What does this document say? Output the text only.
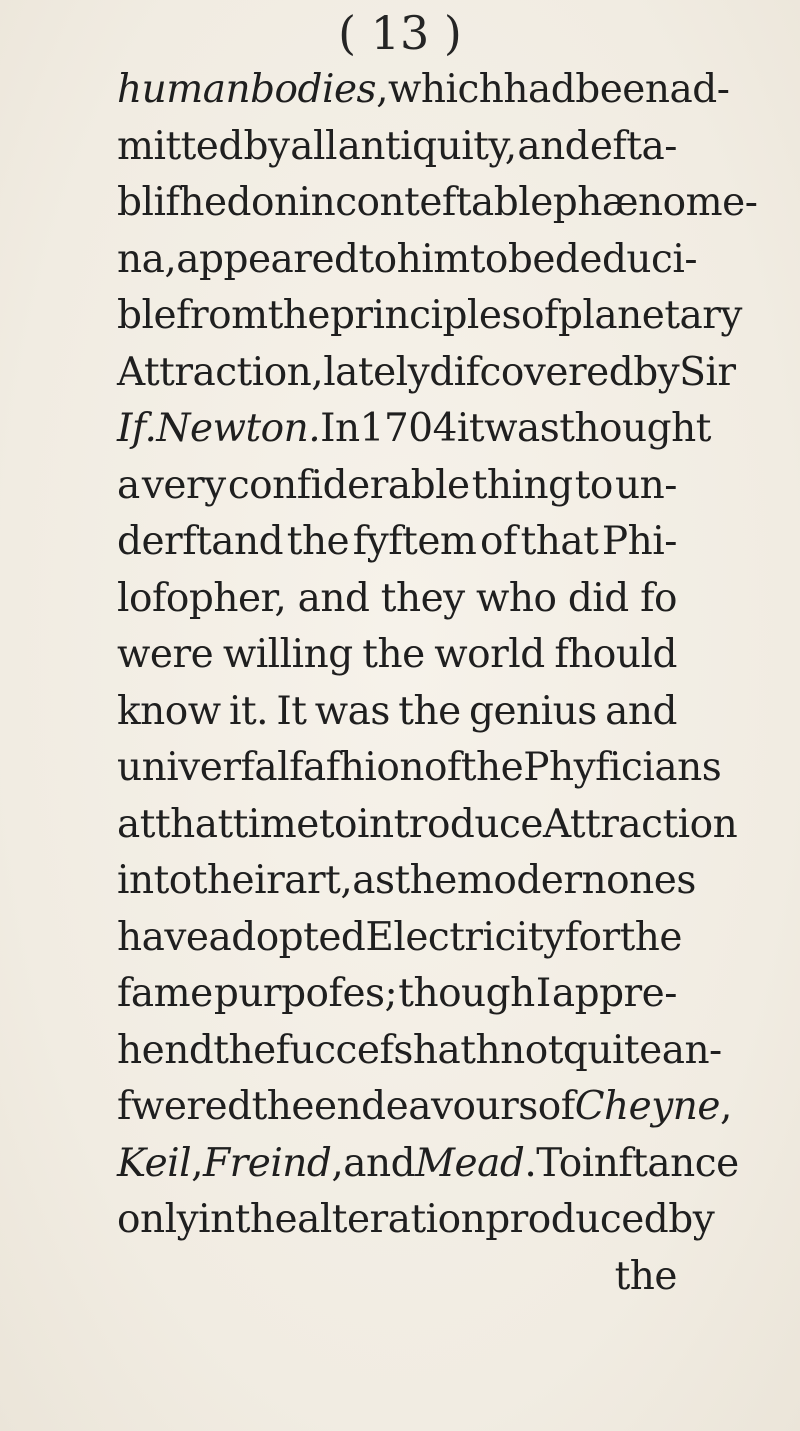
( 13 )
human bodies, which had been ad-
mitted by all antiquity, and efta-
blifhed on inconteftable phænome-
na, appeared to him to be deduci-
ble from the principles of planetary
Attraction, lately difcovered by Sir
If. Newton. In 1704 it was thought
a very confiderable thing to un-
derftand the fyftem of that Phi-
lofopher, and they who did fo
were willing the world fhould
know it. It was the genius and
univerfal fafhion of the Phyficians
at that time to introduce Attraction
into their art, as the modern ones
have adopted Electricity for the
fame purpofes; though I appre-
hend the fuccefs hath not quite an-
fwered the endeavours of Cheyne,
Keil, Freind, and Mead. To inftance
only in the alteration produced by
the
